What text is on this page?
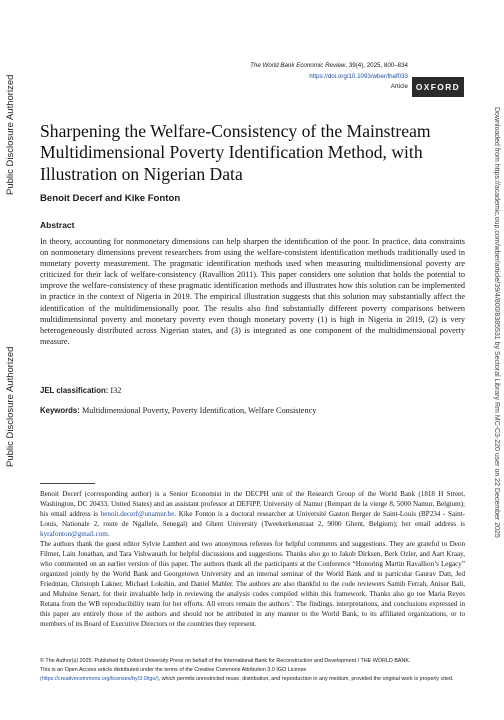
Public Disclosure Authorized
Public Disclosure Authorized	Downloaded from https://academic.oup.com/wber/article/39/4/800/8385531 by Sectoral Library Rm MC-C3-220 user on 22 December 2025
The World Bank Economic Review, 39(4), 2025, 800–834
https://doi.org/10.1093/wber/lhaf033
Article OXFORD
Sharpening the Welfare-Consistency of the Mainstream Multidimensional Poverty Identification Method, with Illustration on Nigerian Data
Benoit Decerf and Kike Fonton
Abstract

In theory, accounting for nonmonetary dimensions can help sharpen the identification of the poor. In practice, data constraints on nonmonetary dimensions prevent researchers from using the welfare-consistent identification methods traditionally used in monetary poverty measurement. The pragmatic identification methods used when measuring multidimensional poverty are criticized for their lack of welfare-consistency (Ravallion 2011). This paper considers one solution that holds the potential to improve the welfare-consistency of these pragmatic identification methods and illustrates how this solution can be implemented in practice in the context of Nigeria in 2019. The empirical illustration suggests that this solution may substantially affect the identification of the multidimensionally poor. The results also find substantially different poverty comparisons between multidimensional poverty and monetary poverty even though monetary poverty (1) is high in Nigeria in 2019, (2) is very heterogeneously distributed across Nigerian states, and (3) is integrated as one component of the multidimensional poverty measure.

JEL classification: I32
Keywords: Multidimensional Poverty, Poverty Identification, Welfare Consistency
Benoit Decerf (corresponding author) is a Senior Economist in the DECPH unit of the Research Group of the World Bank (1818 H Street, Washington, DC 20433, United States) and an assistant professor at DEFIPP, University of Namur (Rempart de la vierge 8, 5000 Namur, Belgium); his email address is benoit.decerf@unamur.be. Kike Fonton is a doctoral researcher at Université Gaston Berger de Saint-Louis (BP234 - Saint-Louis, Nationale 2, route de Ngallele, Senegal) and Ghent University (Tweekerkenstraat 2, 9000 Ghent, Belgium); her email address is kyrafonton@gmail.com.
The authors thank the guest editor Sylvie Lambert and two anonymous referees for helpful comments and suggestions. They are grateful to Deon Filmer, Lain Jonathan, and Tara Vishwanath for helpful discussions and suggestions. Thanks also go to Jakob Dirksen, Berk Ozler, and Aart Kraay, who commented on an earlier version of this paper. The authors thank all the participants at the Conference “Honoring Martin Ravallion’s Legacy” organized jointly by the World Bank and Georgetown University and an internal seminar of the World Bank and in particular Gaurav Datt, Jed Friedman, Christoph Lakner, Michael Lokshin, and Daniel Mahler. The authors are also thankful to the code reviewers Samih Ferrah, Anisur Bali, and Muhsine Senart, for their invaluable help in reviewing the analysis codes compiled within this framework. Thanks also go toe Maria Reyes Retana from the WB reproducibility team for her efforts. All errors remain the authors’. The findings, interpretations, and conclusions expressed in this paper are entirely those of the authors and should not be attributed in any manner to the World Bank, to its affiliated organizations, or to members of its Board of Executive Directors or the countries they represent.
© The Author(s) 2025. Published by Oxford University Press on behalf of the International Bank for Reconstruction and Development / THE WORLD BANK.
This is an Open Access article distributed under the terms of the Creative Commons Attribution 3.0 IGO License
(https://creativecommons.org/licenses/by/3.0/igo/), which permits unrestricted reuse, distribution, and reproduction in any medium, provided the original work is properly cited.
